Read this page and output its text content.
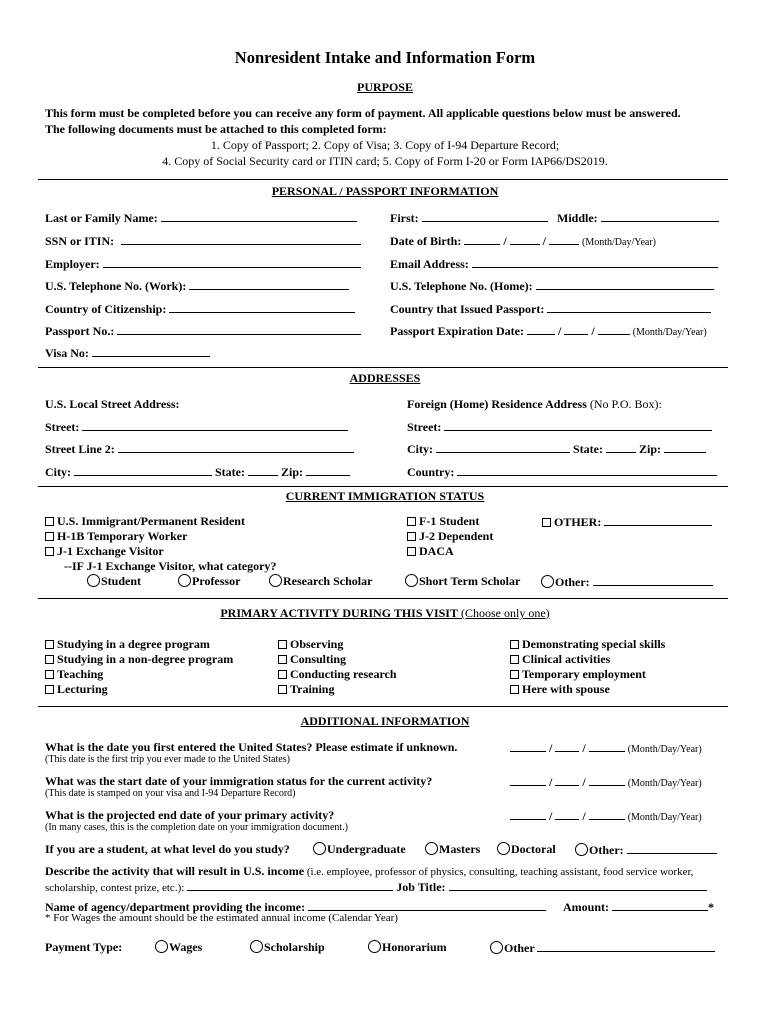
Nonresident Intake and Information Form
PURPOSE
This form must be completed before you can receive any form of payment. All applicable questions below must be answered.
The following documents must be attached to this completed form:
1. Copy of Passport; 2. Copy of Visa; 3. Copy of I-94 Departure Record;
4. Copy of Social Security card or ITIN card; 5. Copy of Form I-20 or Form IAP66/DS2019.
PERSONAL / PASSPORT INFORMATION
Last or Family Name:	First:	Middle:
SSN or ITIN:	Date of Birth:	/	/	(Month/Day/Year)
Employer:	Email Address:
U.S. Telephone No. (Work):	U.S. Telephone No. (Home):
Country of Citizenship:	Country that Issued Passport:
Passport No.:	Passport Expiration Date:	/  /	(Month/Day/Year)
Visa No:
ADDRESSES
U.S. Local Street Address:	Foreign (Home) Residence Address (No P.O. Box):
Street:	Street:
Street Line 2:	City:	State:	Zip:
City:	State:	Zip:	Country:
CURRENT IMMIGRATION STATUS
U.S. Immigrant/Permanent Resident
H-1B Temporary Worker
J-1 Exchange Visitor
F-1 Student
J-2 Dependent
DACA
OTHER:
--IF J-1 Exchange Visitor, what category?
Student	Professor	Research Scholar	Short Term Scholar	Other:
PRIMARY ACTIVITY DURING THIS VISIT (Choose only one)
Studying in a degree program
Studying in a non-degree program
Teaching
Lecturing
Observing
Consulting
Conducting research
Training
Demonstrating special skills
Clinical activities
Temporary employment
Here with spouse
ADDITIONAL INFORMATION
What is the date you first entered the United States? Please estimate if unknown.
(This date is the first trip you ever made to the United States)
/  /	(Month/Day/Year)
What was the start date of your immigration status for the current activity?
(This date is stamped on your visa and I-94 Departure Record)
/  /	(Month/Day/Year)
What is the projected end date of your primary activity?
(In many cases, this is the completion date on your immigration document.)
/  /	(Month/Day/Year)
If you are a student, at what level do you study?	Undergraduate	Masters	Doctoral	Other:
Describe the activity that will result in U.S. income (i.e. employee, professor of physics, consulting, teaching assistant, food service worker,
scholarship, contest prize, etc.):	Job Title:
Name of agency/department providing the income:	Amount:	*
* For Wages the amount should be the estimated annual income (Calendar Year)
Payment Type:	Wages	Scholarship	Honorarium	Other
